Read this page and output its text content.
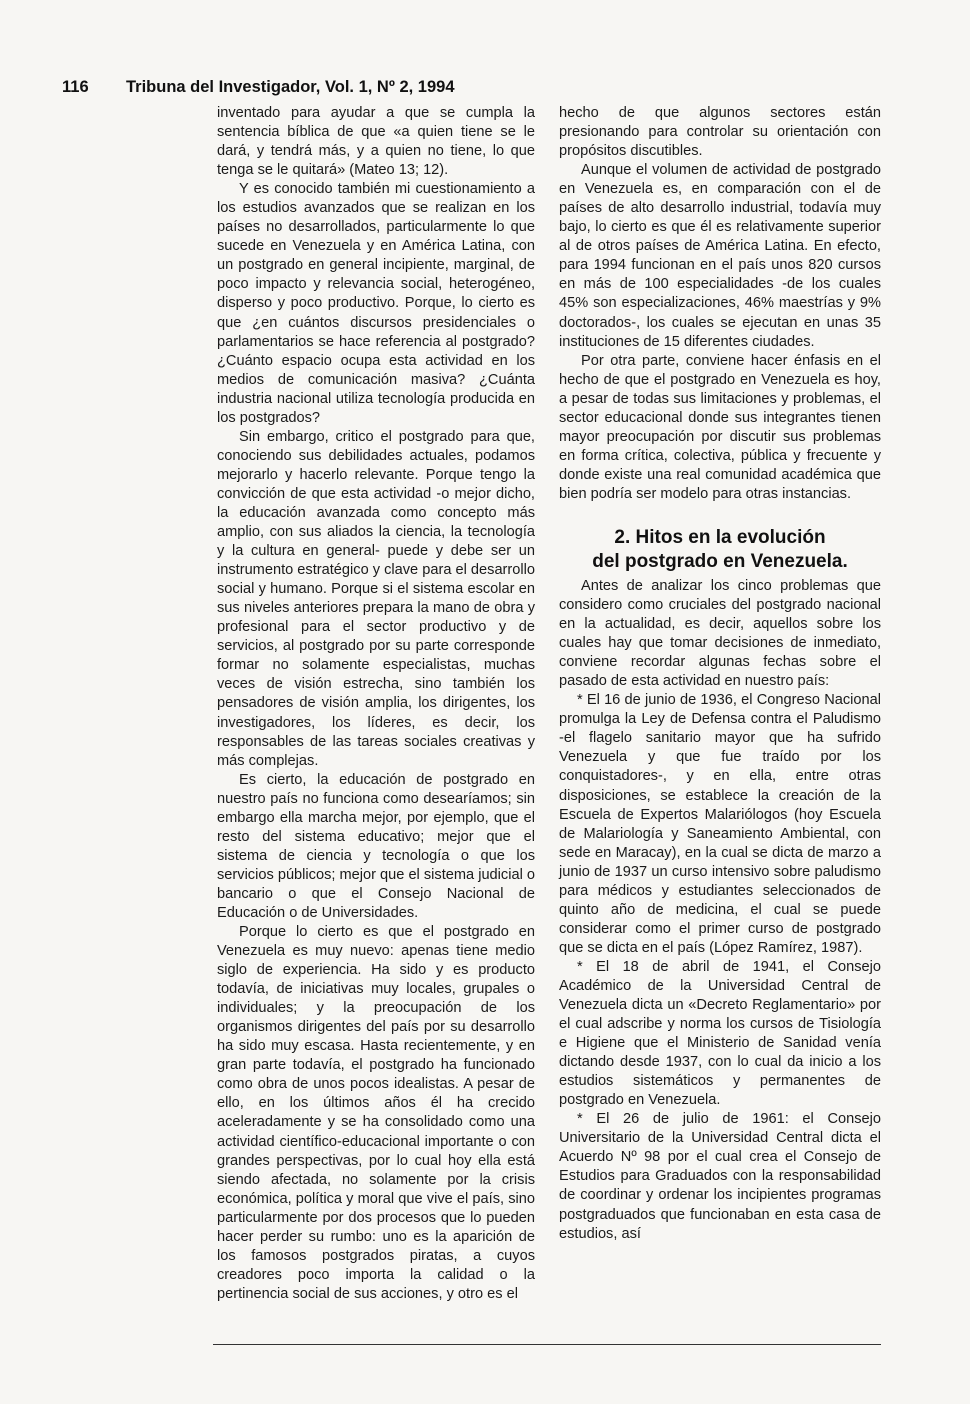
116 Tribuna del Investigador, Vol. 1, Nº 2, 1994

inventado para ayudar a que se cumpla la sentencia bíblica de que «a quien tiene se le dará, y tendrá más, y a quien no tiene, lo que tenga se le quitará» (Mateo 13; 12).

Y es conocido también mi cuestionamiento a los estudios avanzados que se realizan en los países no desarrollados, particularmente lo que sucede en Venezuela y en América Latina, con un postgrado en general incipiente, marginal, de poco impacto y relevancia social, heterogéneo, disperso y poco productivo. Porque, lo cierto es que ¿en cuántos discursos presidenciales o parlamentarios se hace referencia al postgrado? ¿Cuánto espacio ocupa esta actividad en los medios de comunicación masiva? ¿Cuánta industria nacional utiliza tecnología producida en los postgrados?

Sin embargo, critico el postgrado para que, conociendo sus debilidades actuales, podamos mejorarlo y hacerlo relevante. Porque tengo la convicción de que esta actividad -o mejor dicho, la educación avanzada como concepto más amplio, con sus aliados la ciencia, la tecnología y la cultura en general- puede y debe ser un instrumento estratégico y clave para el desarrollo social y humano. Porque si el sistema escolar en sus niveles anteriores prepara la mano de obra y profesional para el sector productivo y de servicios, al postgrado por su parte corresponde formar no solamente especialistas, muchas veces de visión estrecha, sino también los pensadores de visión amplia, los dirigentes, los investigadores, los líderes, es decir, los responsables de las tareas sociales creativas y más complejas.

Es cierto, la educación de postgrado en nuestro país no funciona como desearíamos; sin embargo ella marcha mejor, por ejemplo, que el resto del sistema educativo; mejor que el sistema de ciencia y tecnología o que los servicios públicos; mejor que el sistema judicial o bancario o que el Consejo Nacional de Educación o de Universidades.

Porque lo cierto es que el postgrado en Venezuela es muy nuevo: apenas tiene medio siglo de experiencia. Ha sido y es producto todavía, de iniciativas muy locales, grupales o individuales; y la preocupación de los organismos dirigentes del país por su desarrollo ha sido muy escasa. Hasta recientemente, y en gran parte todavía, el postgrado ha funcionado como obra de unos pocos idealistas. A pesar de ello, en los últimos años él ha crecido aceleradamente y se ha consolidado como una actividad científico-educacional importante o con grandes perspectivas, por lo cual hoy ella está siendo afectada, no solamente por la crisis económica, política y moral que vive el país, sino particularmente por dos procesos que lo pueden hacer perder su rumbo: uno es la aparición de los famosos postgrados piratas, a cuyos creadores poco importa la calidad o la pertinencia social de sus acciones, y otro es el

hecho de que algunos sectores están presionando para controlar su orientación con propósitos discutibles.

Aunque el volumen de actividad de postgrado en Venezuela es, en comparación con el de países de alto desarrollo industrial, todavía muy bajo, lo cierto es que él es relativamente superior al de otros países de América Latina. En efecto, para 1994 funcionan en el país unos 820 cursos en más de 100 especialidades -de los cuales 45% son especializaciones, 46% maestrías y 9% doctorados-, los cuales se ejecutan en unas 35 instituciones de 15 diferentes ciudades.

Por otra parte, conviene hacer énfasis en el hecho de que el postgrado en Venezuela es hoy, a pesar de todas sus limitaciones y problemas, el sector educacional donde sus integrantes tienen mayor preocupación por discutir sus problemas en forma crítica, colectiva, pública y frecuente y donde existe una real comunidad académica que bien podría ser modelo para otras instancias.

2. Hitos en la evolución
del postgrado en Venezuela.

Antes de analizar los cinco problemas que considero como cruciales del postgrado nacional en la actualidad, es decir, aquellos sobre los cuales hay que tomar decisiones de inmediato, conviene recordar algunas fechas sobre el pasado de esta actividad en nuestro país:

* El 16 de junio de 1936, el Congreso Nacional promulga la Ley de Defensa contra el Paludismo -el flagelo sanitario mayor que ha sufrido Venezuela y que fue traído por los conquistadores-, y en ella, entre otras disposiciones, se establece la creación de la Escuela de Expertos Malariólogos (hoy Escuela de Malariología y Saneamiento Ambiental, con sede en Maracay), en la cual se dicta de marzo a junio de 1937 un curso intensivo sobre paludismo para médicos y estudiantes seleccionados de quinto año de medicina, el cual se puede considerar como el primer curso de postgrado que se dicta en el país (López Ramírez, 1987).

* El 18 de abril de 1941, el Consejo Académico de la Universidad Central de Venezuela dicta un «Decreto Reglamentario» por el cual adscribe y norma los cursos de Tisiología e Higiene que el Ministerio de Sanidad venía dictando desde 1937, con lo cual da inicio a los estudios sistemáticos y permanentes de postgrado en Venezuela.

* El 26 de julio de 1961: el Consejo Universitario de la Universidad Central dicta el Acuerdo Nº 98 por el cual crea el Consejo de Estudios para Graduados con la responsabilidad de coordinar y ordenar los incipientes programas postgraduados que funcionaban en esta casa de estudios, así
